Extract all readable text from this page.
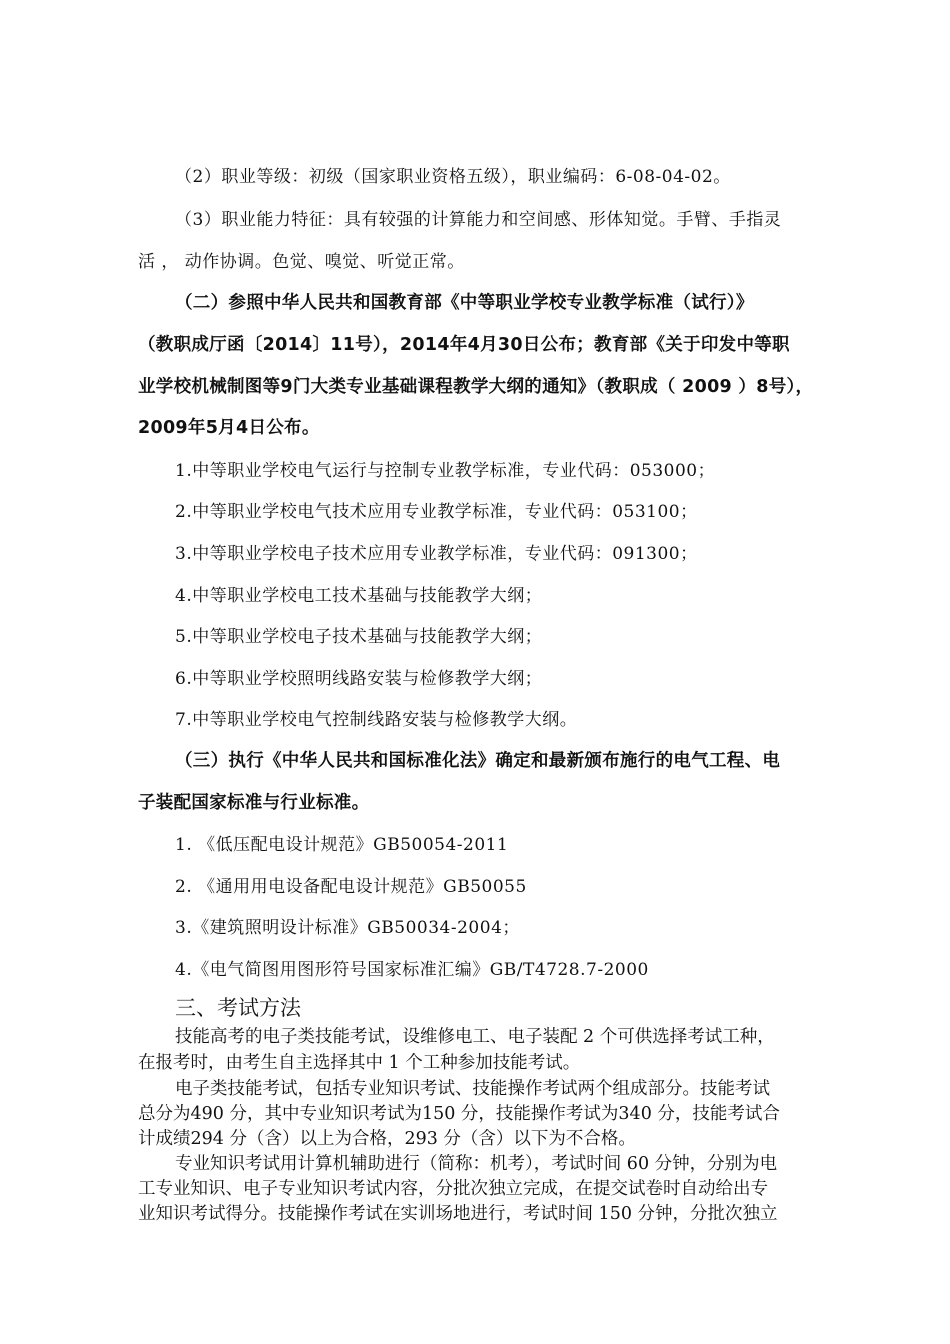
（2）职业等级：初级（国家职业资格五级），职业编码：6-08-04-02。
（3）职业能力特征：具有较强的计算能力和空间感、形体知觉。手臂、手指灵
活 ， 动作协调。色觉、嗅觉、听觉正常。
（二）参照中华人民共和国教育部《中等职业学校专业教学标准（试行）》
（教职成厅函〔2014〕11号），2014年4月30日公布；教育部《关于印发中等职
业学校机械制图等9门大类专业基础课程教学大纲的通知》（教职成（ 2009 ）8号），
2009年5月4日公布。
1.中等职业学校电气运行与控制专业教学标准，专业代码：053000；
2.中等职业学校电气技术应用专业教学标准，专业代码：053100；
3.中等职业学校电子技术应用专业教学标准，专业代码：091300；
4.中等职业学校电工技术基础与技能教学大纲；
5.中等职业学校电子技术基础与技能教学大纲；
6.中等职业学校照明线路安装与检修教学大纲；
7.中等职业学校电气控制线路安装与检修教学大纲。
（三）执行《中华人民共和国标准化法》确定和最新颁布施行的电气工程、电
子装配国家标准与行业标准。
1. 《低压配电设计规范》GB50054-2011
2. 《通用用电设备配电设计规范》GB50055
3.《建筑照明设计标准》GB50034-2004；
4.《电气简图用图形符号国家标准汇编》GB/T4728.7-2000
三、考试方法
技能高考的电子类技能考试，设维修电工、电子装配 2 个可供选择考试工种，
在报考时，由考生自主选择其中 1 个工种参加技能考试。
电子类技能考试，包括专业知识考试、技能操作考试两个组成部分。技能考试
总分为490 分，其中专业知识考试为150 分，技能操作考试为340 分，技能考试合
计成绩294 分（含）以上为合格，293 分（含）以下为不合格。
专业知识考试用计算机辅助进行（简称：机考），考试时间 60 分钟，分别为电
工专业知识、电子专业知识考试内容，分批次独立完成，在提交试卷时自动给出专
业知识考试得分。技能操作考试在实训场地进行，考试时间 150 分钟，分批次独立
